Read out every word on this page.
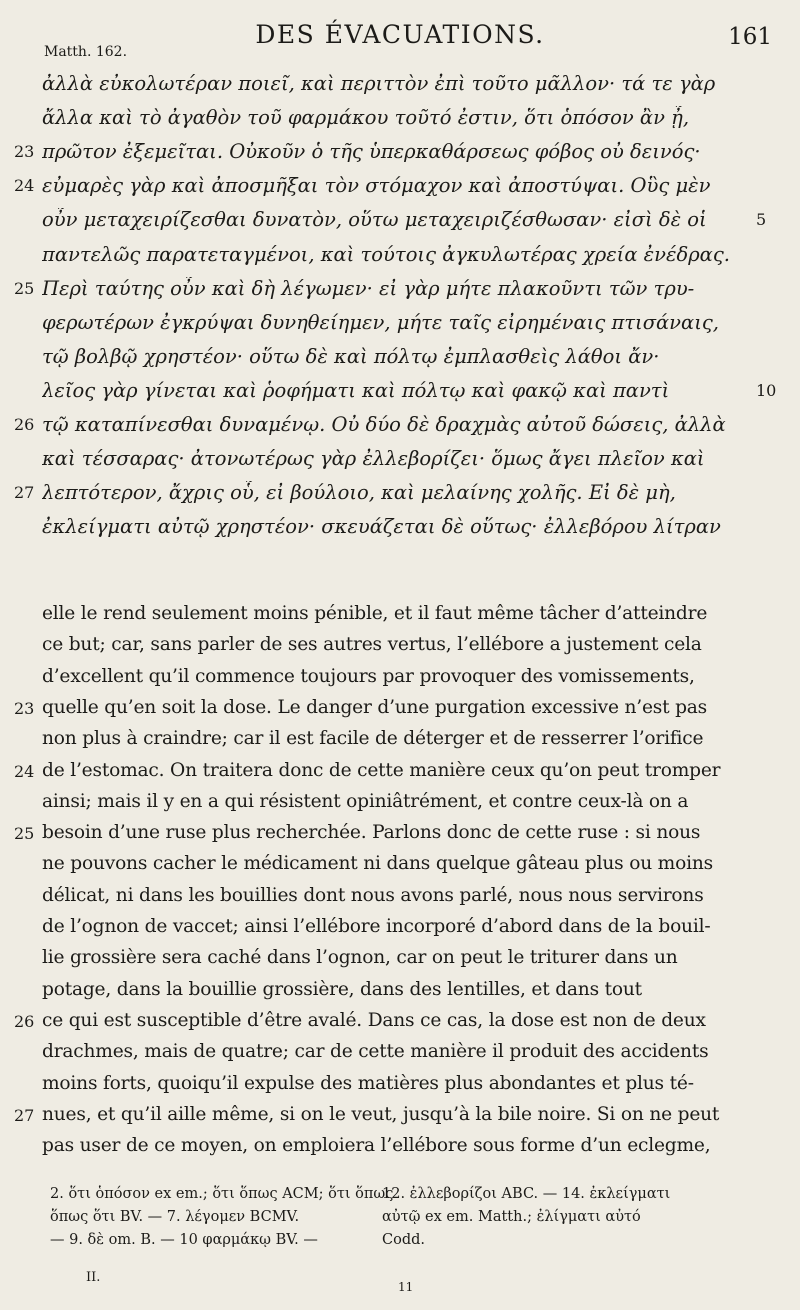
DES ÉVACUATIONS.	161
Matth. 162.
ἀλλὰ εὐκολωτέραν ποιεῖ, καὶ περιττὸν ἐπὶ τοῦτο μᾶλλον· τά τε γὰρ
ἄλλα καὶ τὸ ἀγαθὸν τοῦ φαρμάκου τοῦτό ἐστιν, ὅτι ὁπόσον ἂν ᾖ,
23 πρῶτον ἐξεμεῖται. Οὐκοῦν ὁ τῆς ὑπερκαθάρσεως φόβος οὐ δεινός·
24 εὐμαρὲς γὰρ καὶ ἀποσμῆξαι τὸν στόμαχον καὶ ἀποστύψαι. Οὓς μὲν
οὖν μεταχειρίζεσθαι δυνατὸν, οὕτω μεταχειριζέσθωσαν· εἰσὶ δὲ οἱ	5
παντελῶς παρατεταγμένοι, καὶ τούτοις ἀγκυλωτέρας χρεία ἐνέδρας.
25 Περὶ ταύτης οὖν καὶ δὴ λέγωμεν· εἰ γὰρ μήτε πλακοῦντι τῶν τρυ-
φερωτέρων ἐγκρύψαι δυνηθείημεν, μήτε ταῖς εἰρημέναις πτισάναις,
τῷ βολβῷ χρηστέον· οὕτω δὲ καὶ πόλτῳ ἐμπλασθεὶς λάθοι ἄν·
λεῖος γὰρ γίνεται καὶ ῥοφήματι καὶ πόλτῳ καὶ φακῷ καὶ παντὶ	10
26 τῷ καταπίνεσθαι δυναμένῳ. Οὐ δύο δὲ δραχμὰς αὐτοῦ δώσεις, ἀλλὰ
καὶ τέσσαρας· ἀτονωτέρως γὰρ ἐλλεβορίζει· ὅμως ἄγει πλεῖον καὶ
27 λεπτότερον, ἄχρις οὗ, εἰ βούλοιο, καὶ μελαίνης χολῆς. Εἰ δὲ μὴ,
ἐκλείγματι αὐτῷ χρηστέον· σκευάζεται δὲ οὕτως· ἐλλεβόρου λίτραν
elle le rend seulement moins pénible, et il faut même tâcher d’atteindre
ce but; car, sans parler de ses autres vertus, l’ellébore a justement cela
d’excellent qu’il commence toujours par provoquer des vomissements,
23 quelle qu’en soit la dose. Le danger d’une purgation excessive n’est pas
non plus à craindre; car il est facile de déterger et de resserrer l’orifice
24 de l’estomac. On traitera donc de cette manière ceux qu’on peut tromper
ainsi; mais il y en a qui résistent opiniâtrément, et contre ceux-là on a
25 besoin d’une ruse plus recherchée. Parlons donc de cette ruse : si nous
ne pouvons cacher le médicament ni dans quelque gâteau plus ou moins
délicat, ni dans les bouillies dont nous avons parlé, nous nous servirons
de l’ognon de vaccet; ainsi l’ellébore incorporé d’abord dans de la bouil-
lie grossière sera caché dans l’ognon, car on peut le triturer dans un
potage, dans la bouillie grossière, dans des lentilles, et dans tout
26 ce qui est susceptible d’être avalé. Dans ce cas, la dose est non de deux
drachmes, mais de quatre; car de cette manière il produit des accidents
moins forts, quoiqu’il expulse des matières plus abondantes et plus té-
27 nues, et qu’il aille même, si on le veut, jusqu’à la bile noire. Si on ne peut
pas user de ce moyen, on emploiera l’ellébore sous forme d’un eclegme,
2. ὅτι ὁπόσον ex em.; ὅτι ὅπως ACM; ὅτι ὅπως
ὅπως ὅτι BV. — 7. λέγομεν BCMV.
— 9. δὲ om. B. — 10 φαρμάκῳ BV. —
12. ἐλλεβορίζοι ABC. — 14. ἐκλείγματι
αὐτῷ ex em. Matth.; ἐλίγματι αὐτό
Codd.
II.
11
